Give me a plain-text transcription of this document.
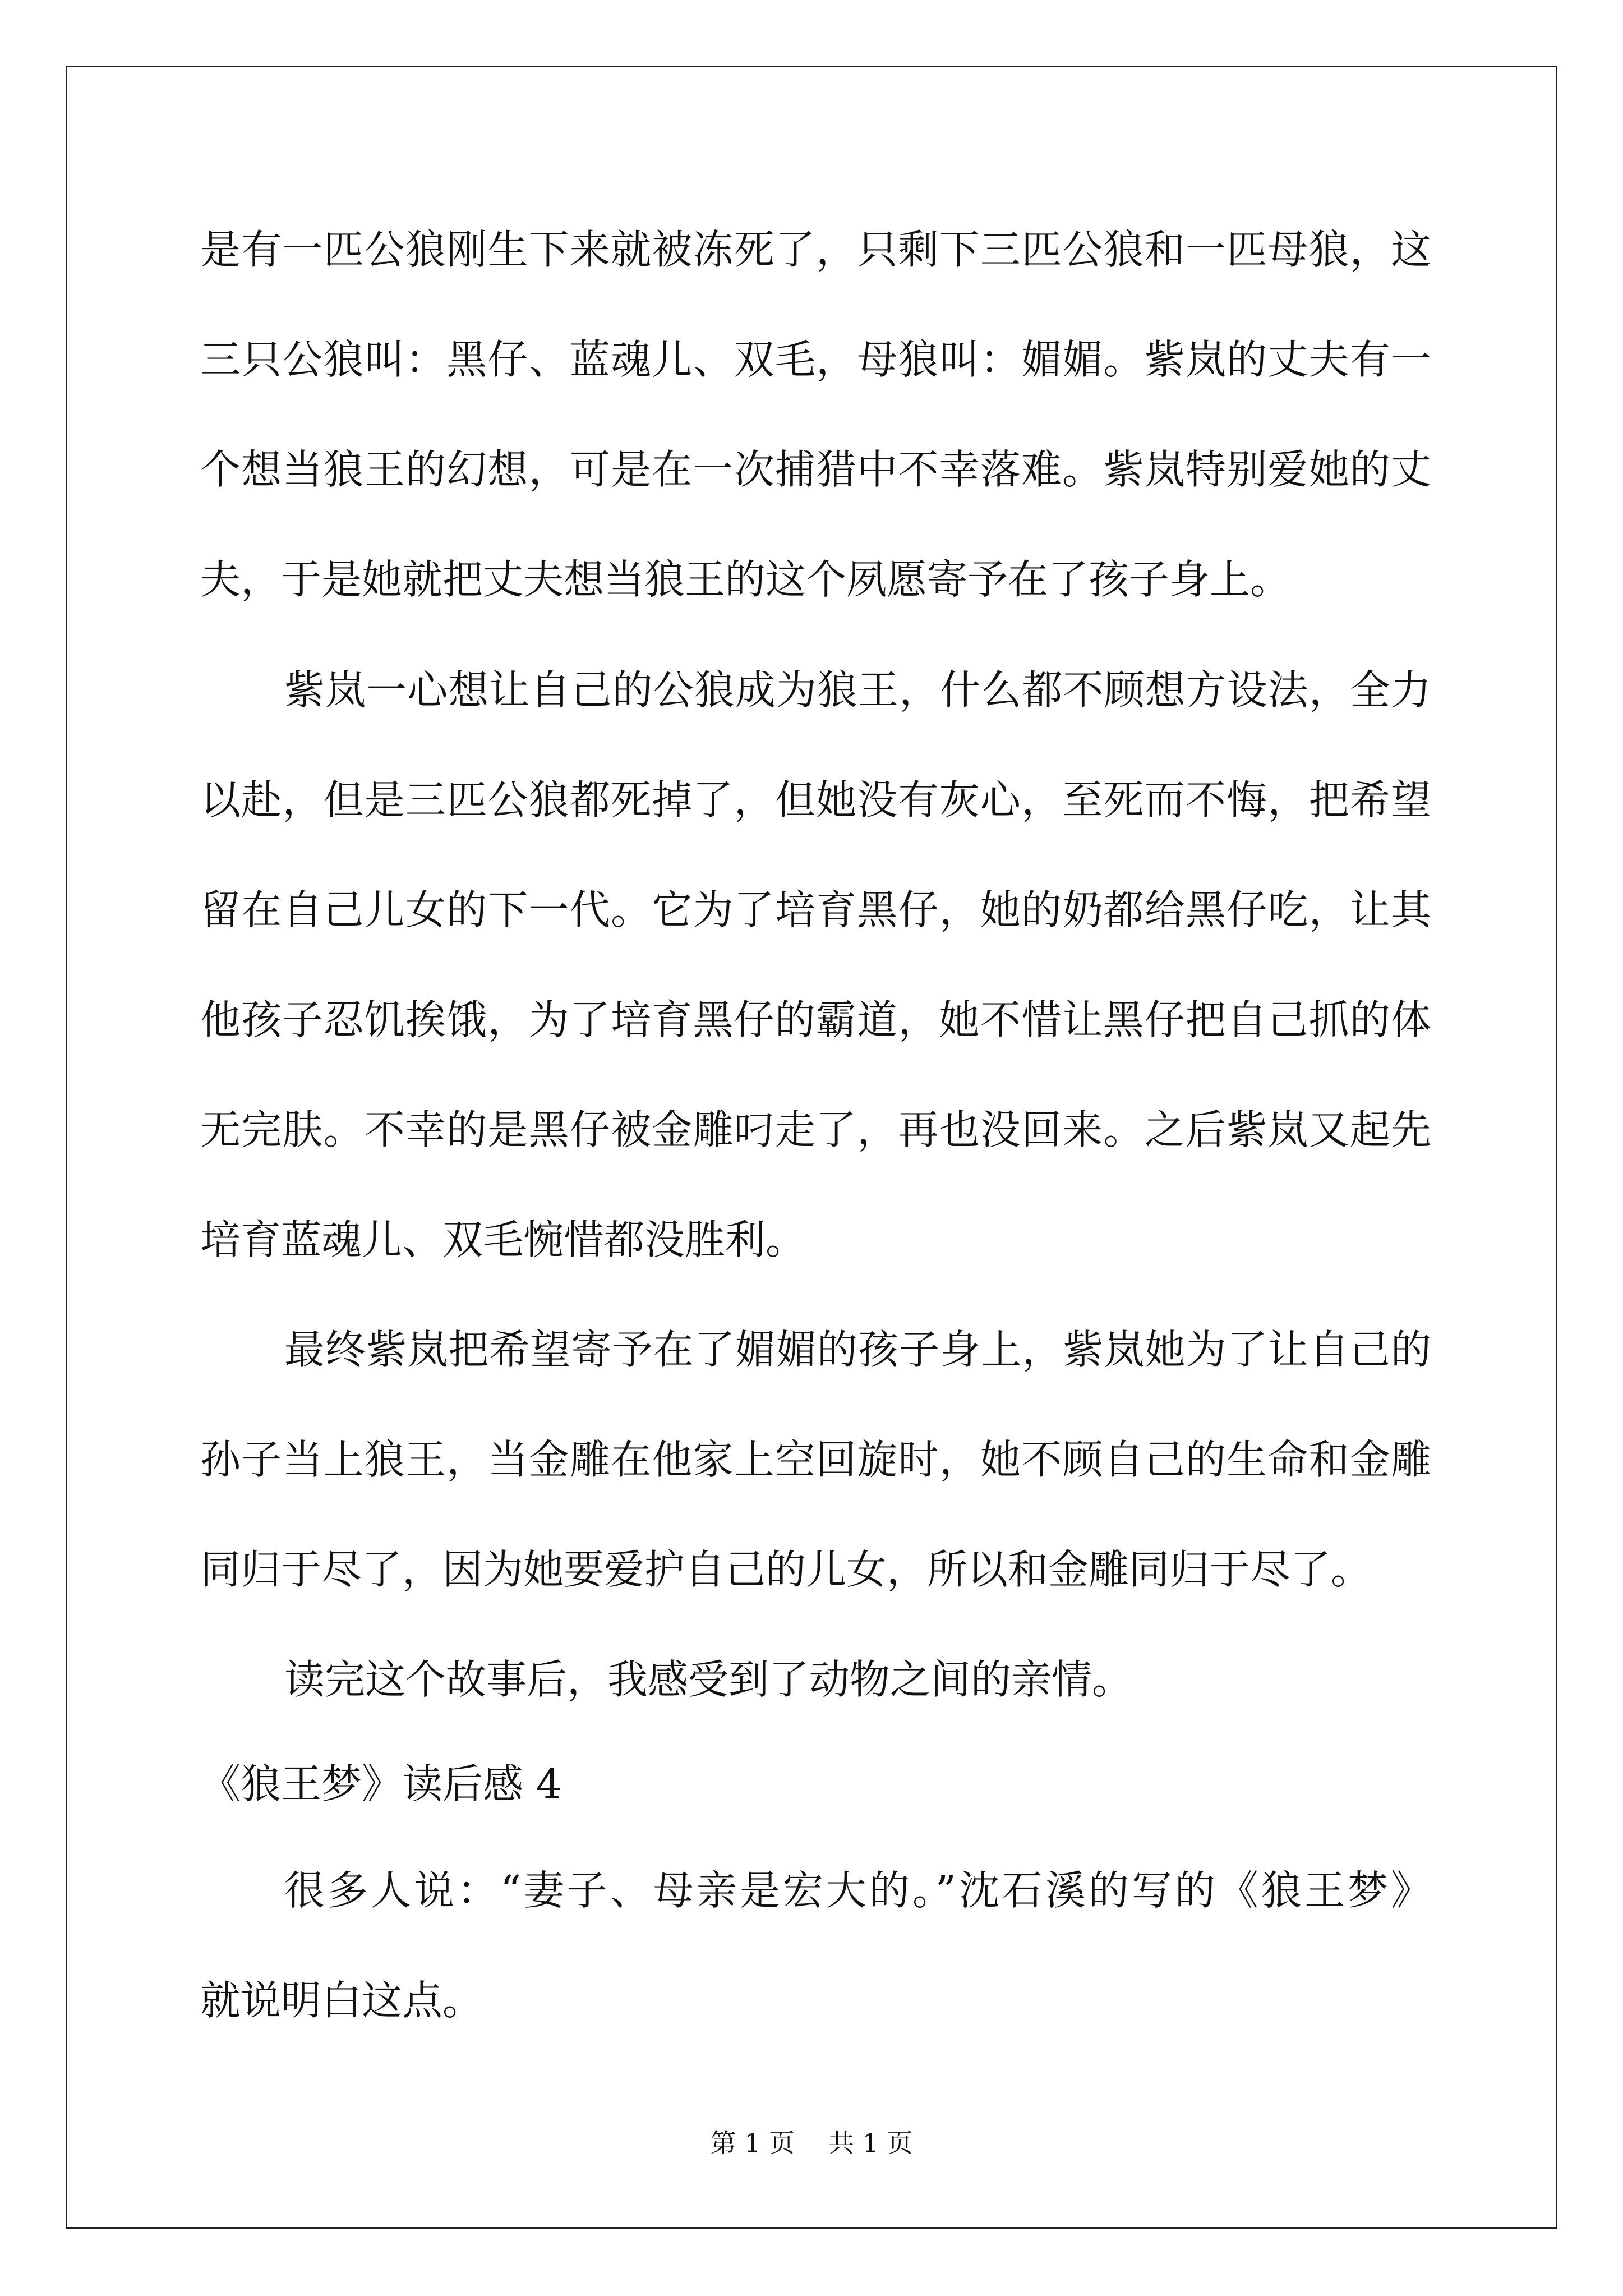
是有一匹公狼刚生下来就被冻死了，只剩下三匹公狼和一匹母狼，这
三只公狼叫：黑仔、蓝魂儿、双毛，母狼叫：媚媚。紫岚的丈夫有一
个想当狼王的幻想，可是在一次捕猎中不幸落难。紫岚特别爱她的丈
夫，于是她就把丈夫想当狼王的这个夙愿寄予在了孩子身上。
紫岚一心想让自己的公狼成为狼王，什么都不顾想方设法，全力
以赴，但是三匹公狼都死掉了，但她没有灰心，至死而不悔，把希望
留在自己儿女的下一代。它为了培育黑仔，她的奶都给黑仔吃，让其
他孩子忍饥挨饿，为了培育黑仔的霸道，她不惜让黑仔把自己抓的体
无完肤。不幸的是黑仔被金雕叼走了，再也没回来。之后紫岚又起先
培育蓝魂儿、双毛惋惜都没胜利。
最终紫岚把希望寄予在了媚媚的孩子身上，紫岚她为了让自己的
孙子当上狼王，当金雕在他家上空回旋时，她不顾自己的生命和金雕
同归于尽了，因为她要爱护自己的儿女，所以和金雕同归于尽了。
读完这个故事后，我感受到了动物之间的亲情。
《狼王梦》读后感 4
很多人说：“妻子、母亲是宏大的。”沈石溪的写的《狼王梦》
就说明白这点。
第 1 页 共 1 页
